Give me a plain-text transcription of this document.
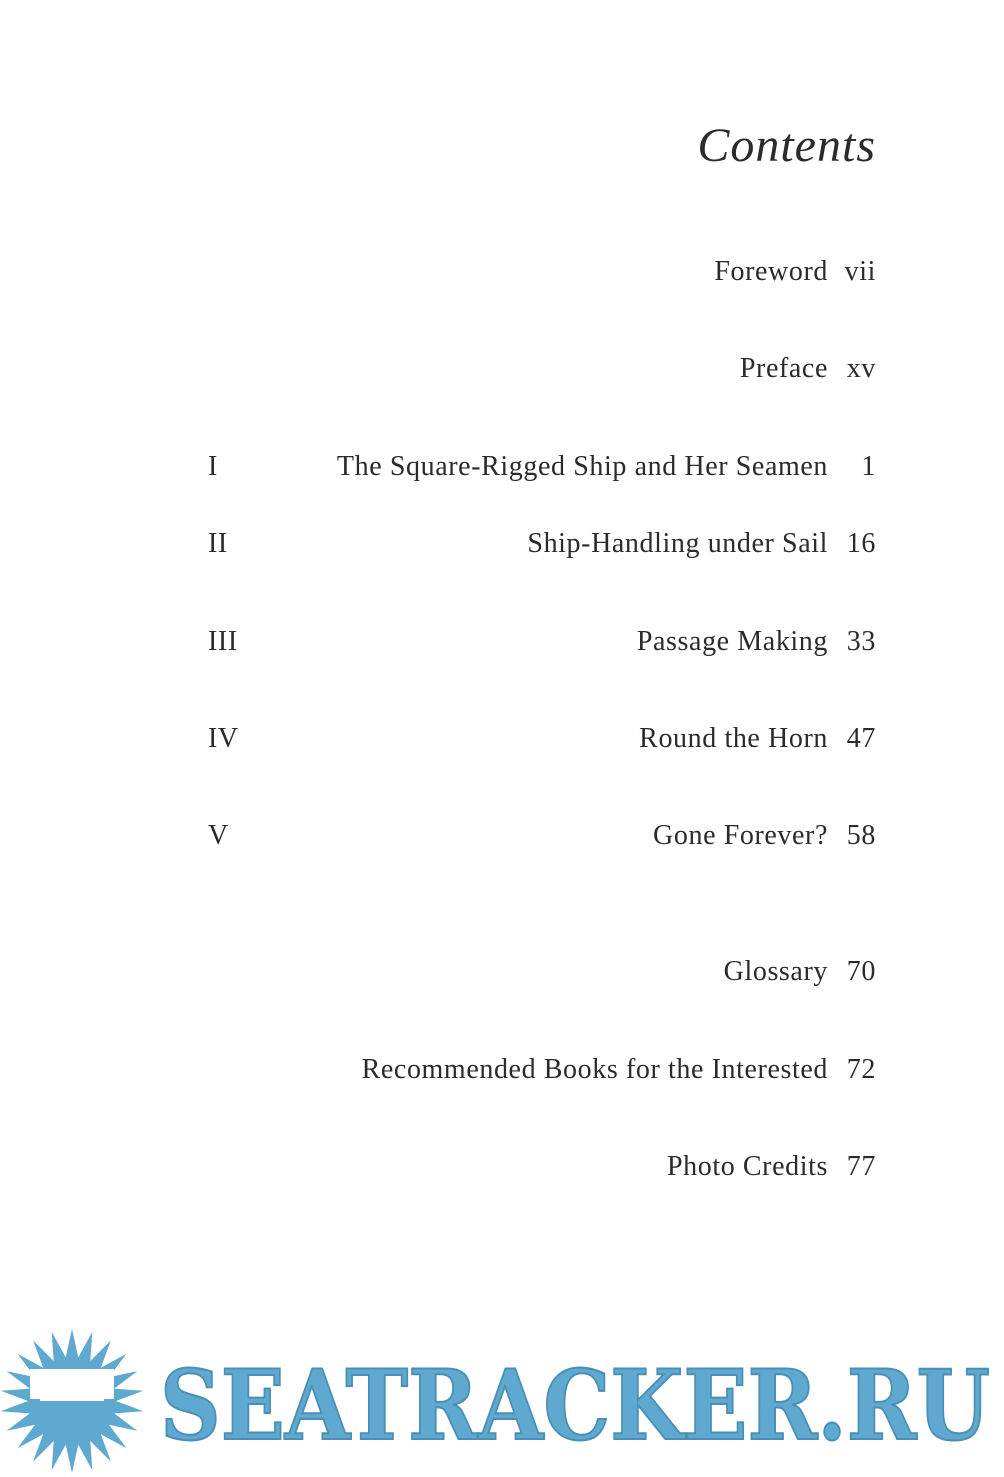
Contents
Foreword vii
Preface xv
I	The Square-Rigged Ship and Her Seamen 1
II	Ship-Handling under Sail 16
III	Passage Making 33
IV	Round the Horn 47
V	Gone Forever? 58
Glossary 70
Recommended Books for the Interested 72
Photo Credits 77
SEATRACKER.RU
